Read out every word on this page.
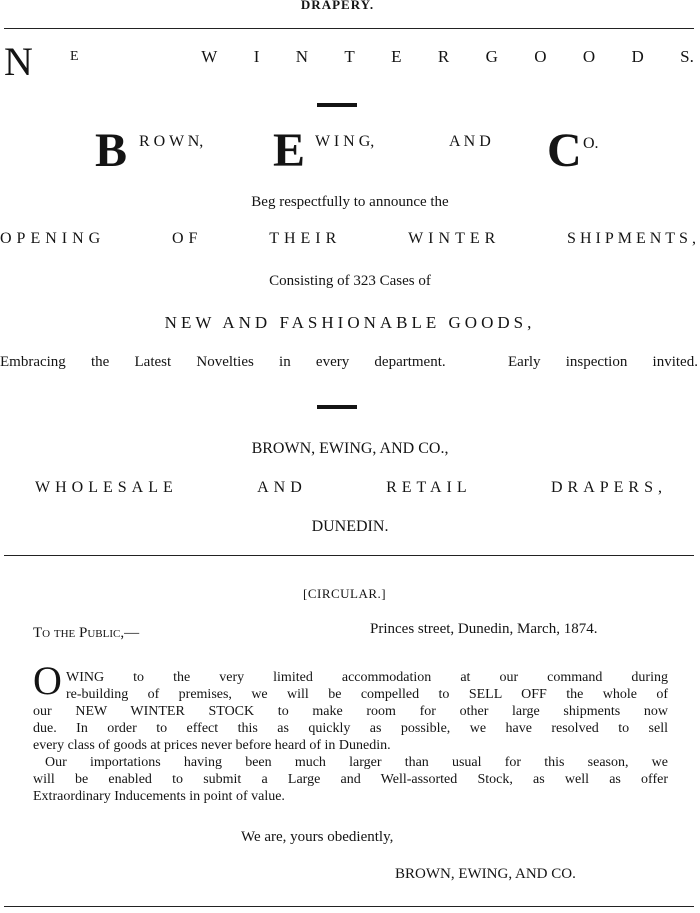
DRAPERY.
N	E	W I N T E R G O O D S.
B R O W N, E W I N G,	A N D C O.
Beg respectfully to announce the
OPENING	OF	THEIR	WINTER	SHIPMENTS,
Consisting of 323 Cases of
NEW AND FASHIONABLE GOODS,
Embracing the Latest Novelties in every department.	Early inspection invited.
BROWN, EWING, AND CO.,
WHOLESALE	AND	RETAIL	DRAPERS,
DUNEDIN.
[CIRCULAR.]
Princes street, Dunedin, March, 1874.
To the Public,—
O WING to the very limited accommodation at our command during
re-building of premises, we will be compelled to SELL OFF the whole of
our NEW WINTER STOCK to make room for other large shipments now
due. In order to effect this as quickly as possible, we have resolved to sell
every class of goods at prices never before heard of in Dunedin.
Our importations having been much larger than usual for this season, we
will be enabled to submit a Large and Well-assorted Stock, as well as offer
Extraordinary Inducements in point of value.
We are, yours obediently,
BROWN, EWING, AND CO.
